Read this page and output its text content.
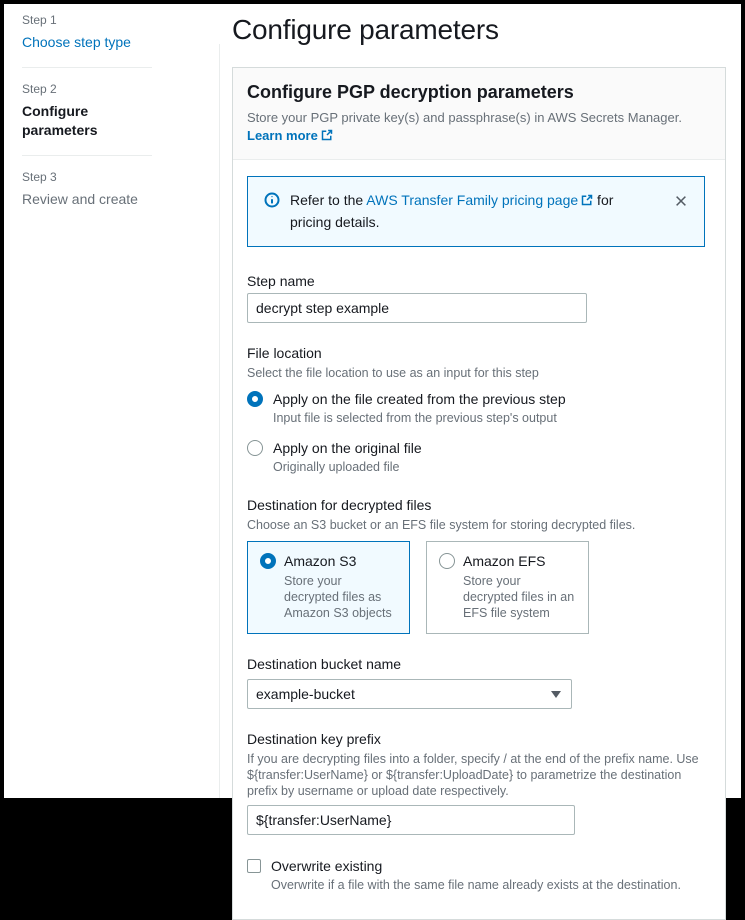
Step 1
Choose step type
Step 2
Configure parameters
Step 3
Review and create
Configure parameters
Configure PGP decryption parameters
Store your PGP private key(s) and passphrase(s) in AWS Secrets Manager. Learn more
Refer to the AWS Transfer Family pricing page for pricing details.
Step name
decrypt step example
File location
Select the file location to use as an input for this step
Apply on the file created from the previous step
Input file is selected from the previous step's output
Apply on the original file
Originally uploaded file
Destination for decrypted files
Choose an S3 bucket or an EFS file system for storing decrypted files.
Amazon S3
Store your decrypted files as Amazon S3 objects
Amazon EFS
Store your decrypted files in an EFS file system
Destination bucket name
example-bucket
Destination key prefix
If you are decrypting files into a folder, specify / at the end of the prefix name. Use ${transfer:UserName} or ${transfer:UploadDate} to parametrize the destination prefix by username or upload date respectively.
${transfer:UserName}
Overwrite existing
Overwrite if a file with the same file name already exists at the destination.
